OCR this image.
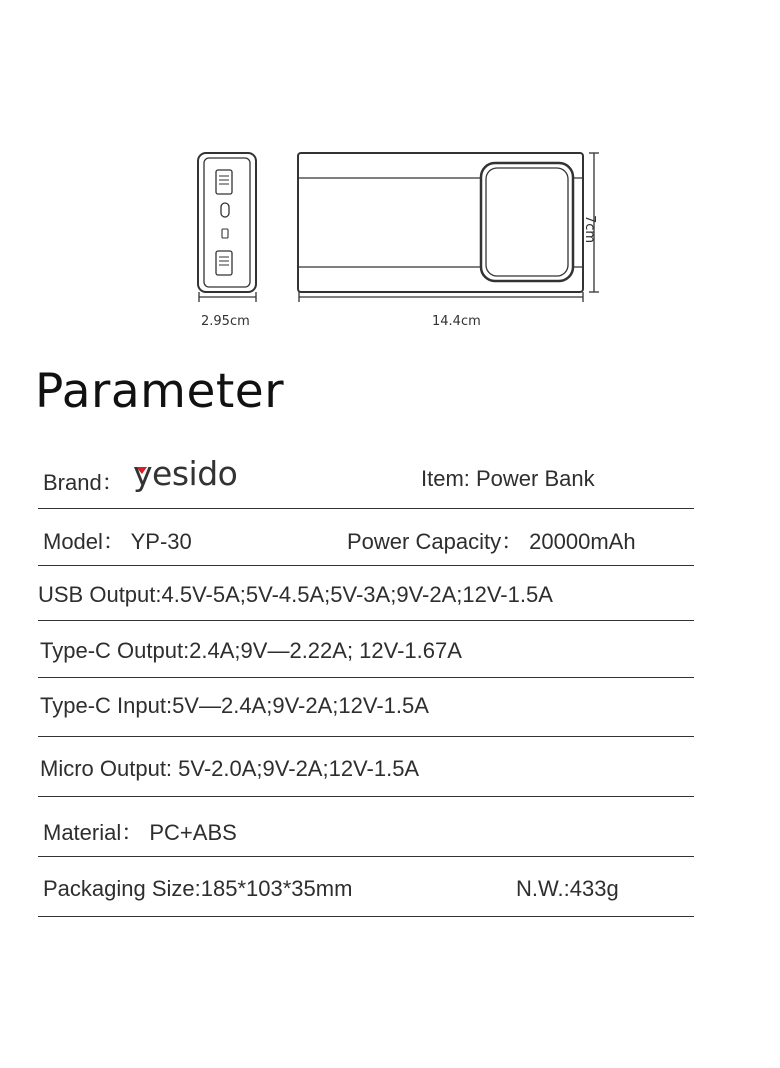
2.95cm	14.4cm
7cm
Parameter
Brand： yesido	Item: Power Bank
Model： YP-30	Power Capacity： 20000mAh
USB Output:4.5V-5A;5V-4.5A;5V-3A;9V-2A;12V-1.5A
Type-C Output:2.4A;9V—2.22A; 12V-1.67A
Type-C Input:5V—2.4A;9V-2A;12V-1.5A
Micro Output: 5V-2.0A;9V-2A;12V-1.5A
Material： PC+ABS
Packaging Size:185*103*35mm	N.W.:433g
